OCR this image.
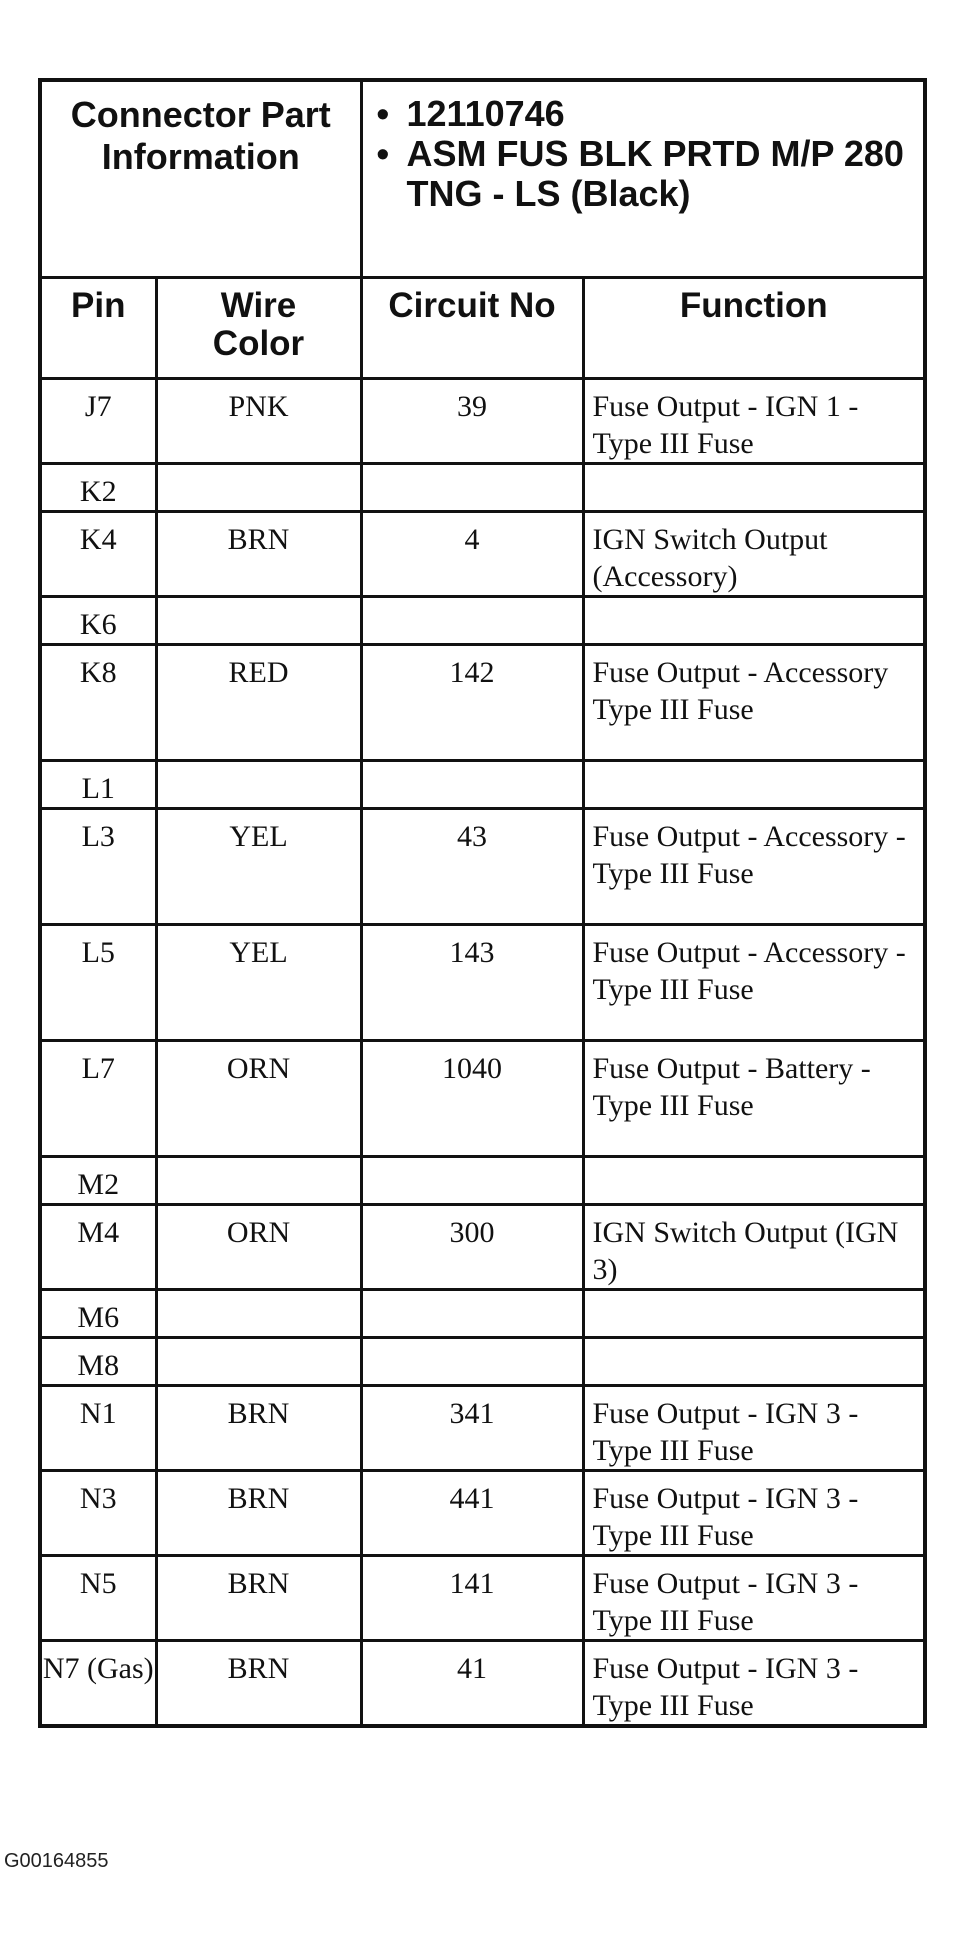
Connector Part Information		• 12110746

• ASM FUS BLK PRTD M/P 280 TNG - LS (Black)	

Pin	Wire Color	Circuit No	Function
J7	PNK	39	Fuse Output - IGN 1 - Type III Fuse
K2			
K4	BRN	4	IGN Switch Output (Accessory)
K6			
K8	RED	142	Fuse Output - Accessory Type III Fuse
L1			
L3	YEL	43	Fuse Output - Accessory - Type III Fuse
L5	YEL	143	Fuse Output - Accessory - Type III Fuse
L7	ORN	1040	Fuse Output - Battery - Type III Fuse
M2			
M4	ORN	300	IGN Switch Output (IGN 3)
M6			
M8			
N1	BRN	341	Fuse Output - IGN 3 - Type III Fuse
N3	BRN	441	Fuse Output - IGN 3 - Type III Fuse
N5	BRN	141	Fuse Output - IGN 3 - Type III Fuse
N7 (Gas)	BRN	41	Fuse Output - IGN 3 - Type III Fuse
G00164855
